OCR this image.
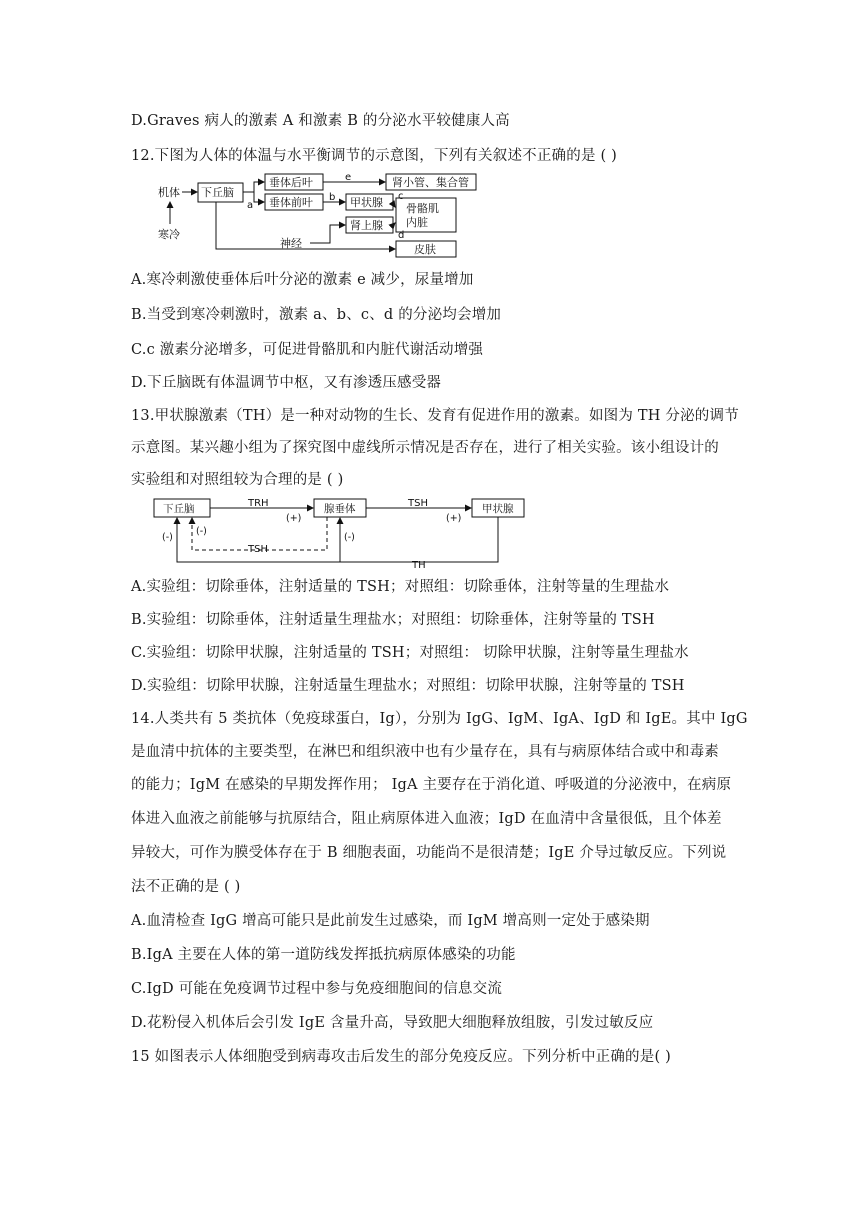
D.Graves 病人的激素 A 和激素 B 的分泌水平较健康人高
12.下图为人体的体温与水平衡调节的示意图，下列有关叙述不正确的是 ( )
机体
寒冷
下丘脑
垂体后叶
垂体前叶
肾小管、集合管
甲状腺 骨骼肌
内脏
肾上腺
神经	皮肤
a
b	c
d
e
A.寒冷刺激使垂体后叶分泌的激素 e 减少，尿量增加
B.当受到寒冷刺激时，激素 a、b、c、d 的分泌均会增加
C.c 激素分泌增多，可促进骨骼肌和内脏代谢活动增强
D.下丘脑既有体温调节中枢，又有渗透压感受器
13.甲状腺激素（TH）是一种对动物的生长、发育有促进作用的激素。如图为 TH 分泌的调节
示意图。某兴趣小组为了探究图中虚线所示情况是否存在，进行了相关实验。该小组设计的
实验组和对照组较为合理的是 ( )
下丘脑	腺垂体	甲状腺
TRH
(+)
TSH
(+)
TSH
TH
(-)
(-)
(-)
A.实验组：切除垂体，注射适量的 TSH；对照组：切除垂体，注射等量的生理盐水
B.实验组：切除垂体，注射适量生理盐水；对照组：切除垂体，注射等量的 TSH
C.实验组：切除甲状腺，注射适量的 TSH；对照组： 切除甲状腺，注射等量生理盐水
D.实验组：切除甲状腺，注射适量生理盐水；对照组：切除甲状腺，注射等量的 TSH
14.人类共有 5 类抗体（免疫球蛋白，Ig），分别为 IgG、IgM、IgA、IgD 和 IgE。其中 IgG
是血清中抗体的主要类型，在淋巴和组织液中也有少量存在，具有与病原体结合或中和毒素
的能力；IgM 在感染的早期发挥作用； IgA 主要存在于消化道、呼吸道的分泌液中，在病原
体进入血液之前能够与抗原结合，阻止病原体进入血液；IgD 在血清中含量很低，且个体差
异较大，可作为膜受体存在于 B 细胞表面，功能尚不是很清楚；IgE 介导过敏反应。下列说
法不正确的是 ( )
A.血清检查 IgG 增高可能只是此前发生过感染，而 IgM 增高则一定处于感染期
B.IgA 主要在人体的第一道防线发挥抵抗病原体感染的功能
C.IgD 可能在免疫调节过程中参与免疫细胞间的信息交流
D.花粉侵入机体后会引发 IgE 含量升高，导致肥大细胞释放组胺，引发过敏反应
15 如图表示人体细胞受到病毒攻击后发生的部分免疫反应。下列分析中正确的是( )
